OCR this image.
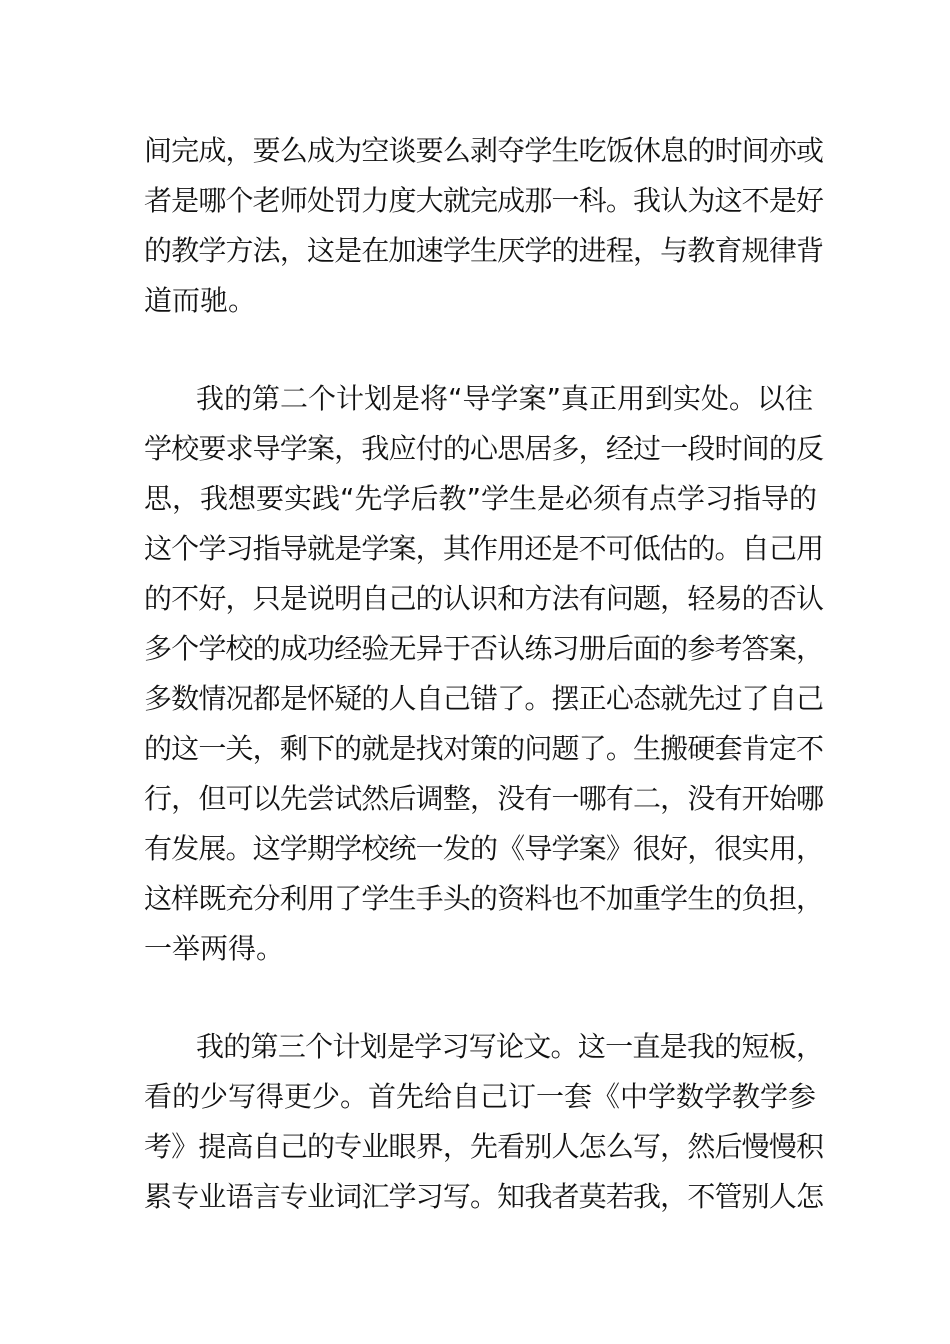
间完成，要么成为空谈要么剥夺学生吃饭休息的时间亦或
者是哪个老师处罚力度大就完成那一科。我认为这不是好
的教学方法，这是在加速学生厌学的进程，与教育规律背
道而驰。
我的第二个计划是将“导学案”真正用到实处。以往
学校要求导学案，我应付的心思居多，经过一段时间的反
思，我想要实践“先学后教”学生是必须有点学习指导的
这个学习指导就是学案，其作用还是不可低估的。自己用
的不好，只是说明自己的认识和方法有问题，轻易的否认
多个学校的成功经验无异于否认练习册后面的参考答案，
多数情况都是怀疑的人自己错了。摆正心态就先过了自己
的这一关，剩下的就是找对策的问题了。生搬硬套肯定不
行，但可以先尝试然后调整，没有一哪有二，没有开始哪
有发展。这学期学校统一发的《导学案》很好，很实用，
这样既充分利用了学生手头的资料也不加重学生的负担，
一举两得。
我的第三个计划是学习写论文。这一直是我的短板，
看的少写得更少。首先给自己订一套《中学数学教学参
考》提高自己的专业眼界，先看别人怎么写，然后慢慢积
累专业语言专业词汇学习写。知我者莫若我，不管别人怎
